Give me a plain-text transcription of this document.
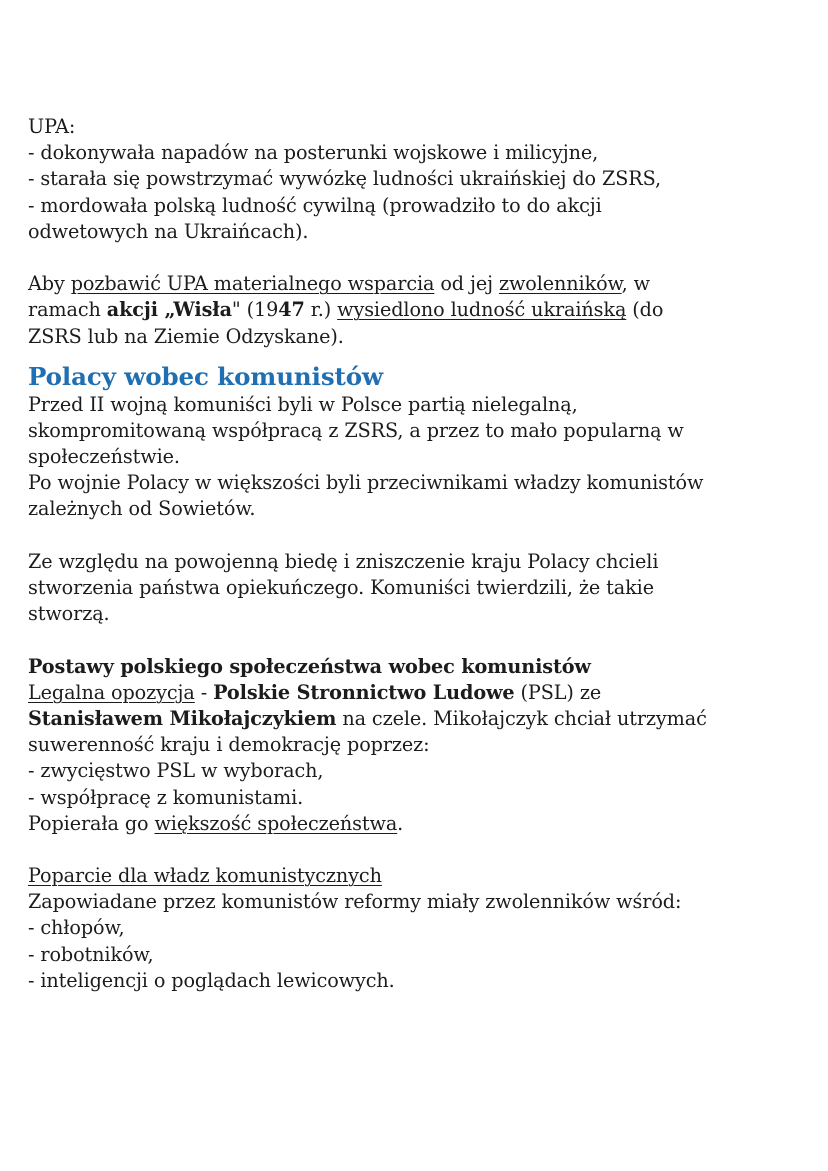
UPA:
- dokonywała napadów na posterunki wojskowe i milicyjne,
- starała się powstrzymać wywózkę ludności ukraińskiej do ZSRS,
- mordowała polską ludność cywilną (prowadziło to do akcji
odwetowych na Ukraińcach).
Aby pozbawić UPA materialnego wsparcia od jej zwolenników, w
ramach akcji „Wisła" (1947 r.) wysiedlono ludność ukraińską (do
ZSRS lub na Ziemie Odzyskane).
Polacy wobec komunistów
Przed II wojną komuniści byli w Polsce partią nielegalną,
skompromitowaną współpracą z ZSRS, a przez to mało popularną w
społeczeństwie.
Po wojnie Polacy w większości byli przeciwnikami władzy komunistów
zależnych od Sowietów.
Ze względu na powojenną biedę i zniszczenie kraju Polacy chcieli
stworzenia państwa opiekuńczego. Komuniści twierdzili, że takie
stworzą.
Postawy polskiego społeczeństwa wobec komunistów
Legalna opozycja - Polskie Stronnictwo Ludowe (PSL) ze
Stanisławem Mikołajczykiem na czele. Mikołajczyk chciał utrzymać
suwerenność kraju i demokrację poprzez:
- zwycięstwo PSL w wyborach,
- współpracę z komunistami.
Popierała go większość społeczeństwa.
Poparcie dla władz komunistycznych
Zapowiadane przez komunistów reformy miały zwolenników wśród:
- chłopów,
- robotników,
- inteligencji o poglądach lewicowych.
